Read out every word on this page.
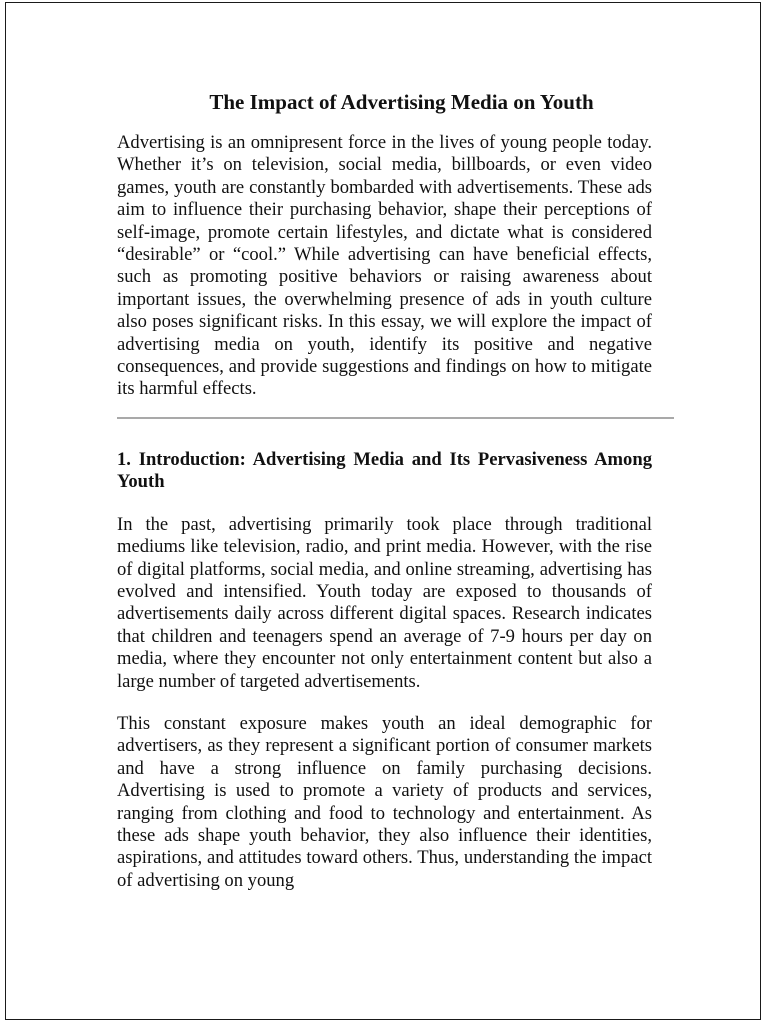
The Impact of Advertising Media on Youth

Advertising is an omnipresent force in the lives of young people today. Whether it’s on television, social media, billboards, or even video games, youth are constantly bombarded with advertisements. These ads aim to influence their purchasing behavior, shape their perceptions of self-image, promote certain lifestyles, and dictate what is considered “desirable” or “cool.” While advertising can have beneficial effects, such as promoting positive behaviors or raising awareness about important issues, the overwhelming presence of ads in youth culture also poses significant risks. In this essay, we will explore the impact of advertising media on youth, identify its positive and negative consequences, and provide suggestions and findings on how to mitigate its harmful effects.

1. Introduction: Advertising Media and Its Pervasiveness Among Youth

In the past, advertising primarily took place through traditional mediums like television, radio, and print media. However, with the rise of digital platforms, social media, and online streaming, advertising has evolved and intensified. Youth today are exposed to thousands of advertisements daily across different digital spaces. Research indicates that children and teenagers spend an average of 7-9 hours per day on media, where they encounter not only entertainment content but also a large number of targeted advertisements.

This constant exposure makes youth an ideal demographic for advertisers, as they represent a significant portion of consumer markets and have a strong influence on family purchasing decisions. Advertising is used to promote a variety of products and services, ranging from clothing and food to technology and entertainment. As these ads shape youth behavior, they also influence their identities, aspirations, and attitudes toward others. Thus, understanding the impact of advertising on young
